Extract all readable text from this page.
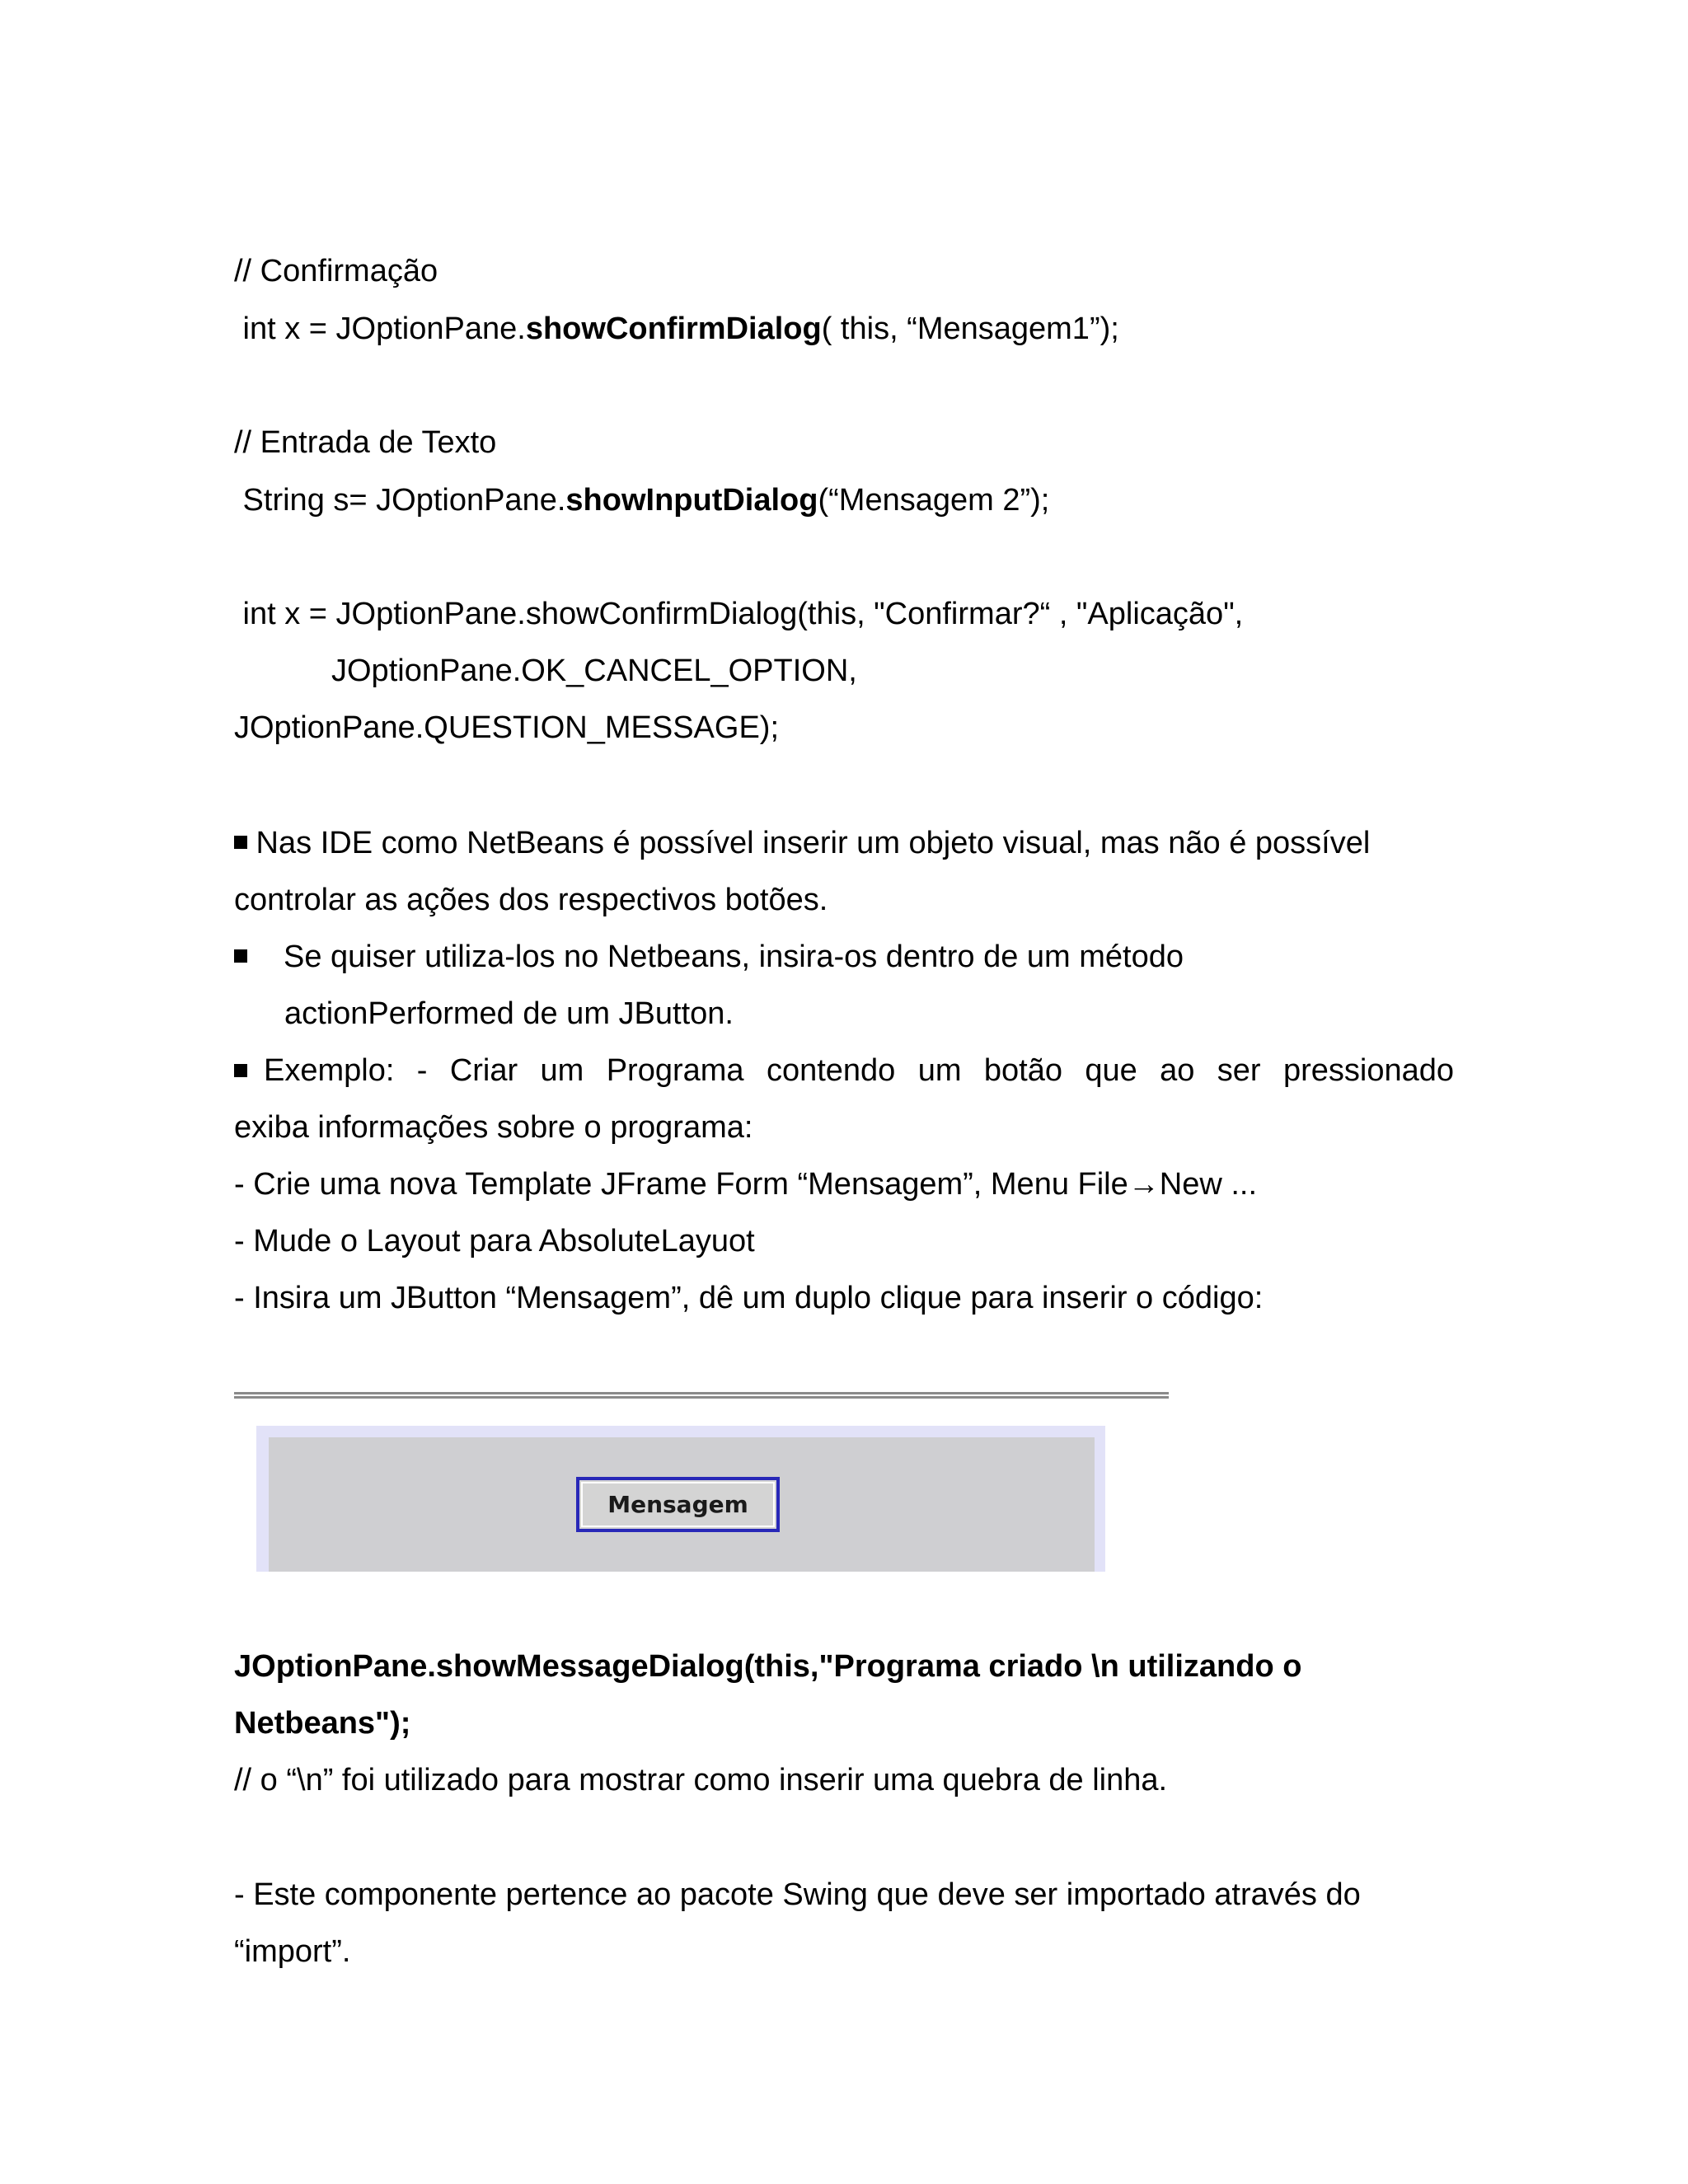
// Confirmação
int x = JOptionPane.showConfirmDialog( this, “Mensagem1”);
// Entrada de Texto
String s= JOptionPane.showInputDialog(“Mensagem 2”);
int x = JOptionPane.showConfirmDialog(this, "Confirmar?“ , "Aplicação",
JOptionPane.OK_CANCEL_OPTION,
JOptionPane.QUESTION_MESSAGE);
Nas IDE como NetBeans é possível inserir um objeto visual, mas não é possível
controlar as ações dos respectivos botões.
Se quiser utiliza-los no Netbeans, insira-os dentro de um método
actionPerformed de um JButton.
Exemplo: - Criar um Programa contendo um botão que ao ser pressionado
exiba informações sobre o programa:
- Crie uma nova Template JFrame Form “Mensagem”, Menu File→New ...
- Mude o Layout para AbsoluteLayuot
- Insira um JButton “Mensagem”, dê um duplo clique para inserir o código:
Mensagem
JOptionPane.showMessageDialog(this,"Programa criado \n utilizando o
Netbeans");
// o “\n” foi utilizado para mostrar como inserir uma quebra de linha.
- Este componente pertence ao pacote Swing que deve ser importado através do
“import”.
